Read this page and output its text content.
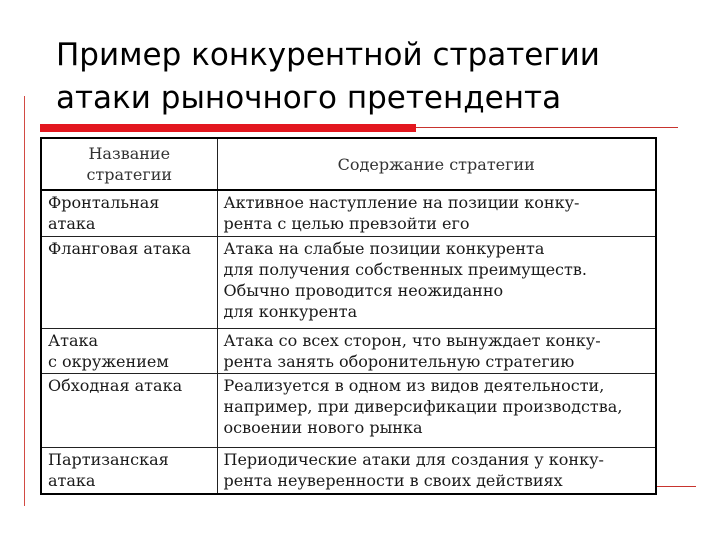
Пример конкурентной стратегии
атаки рыночного претендента
Название
стратегии	Содержание стратегии

Фронтальная
атака	Активное наступление на позиции конку-
рента с целью превзойти его

Фланговая атака	Атака на слабые позиции конкурента
для получения собственных преимуществ.
Обычно проводится неожиданно
для конкурента

Атака
с окружением	Атака со всех сторон, что вынуждает конку-
рента занять оборонительную стратегию

Обходная атака	Реализуется в одном из видов деятельности,
например, при диверсификации производства,
освоении нового рынка

Партизанская
атака	Периодические атаки для создания у конку-
рента неуверенности в своих действиях
